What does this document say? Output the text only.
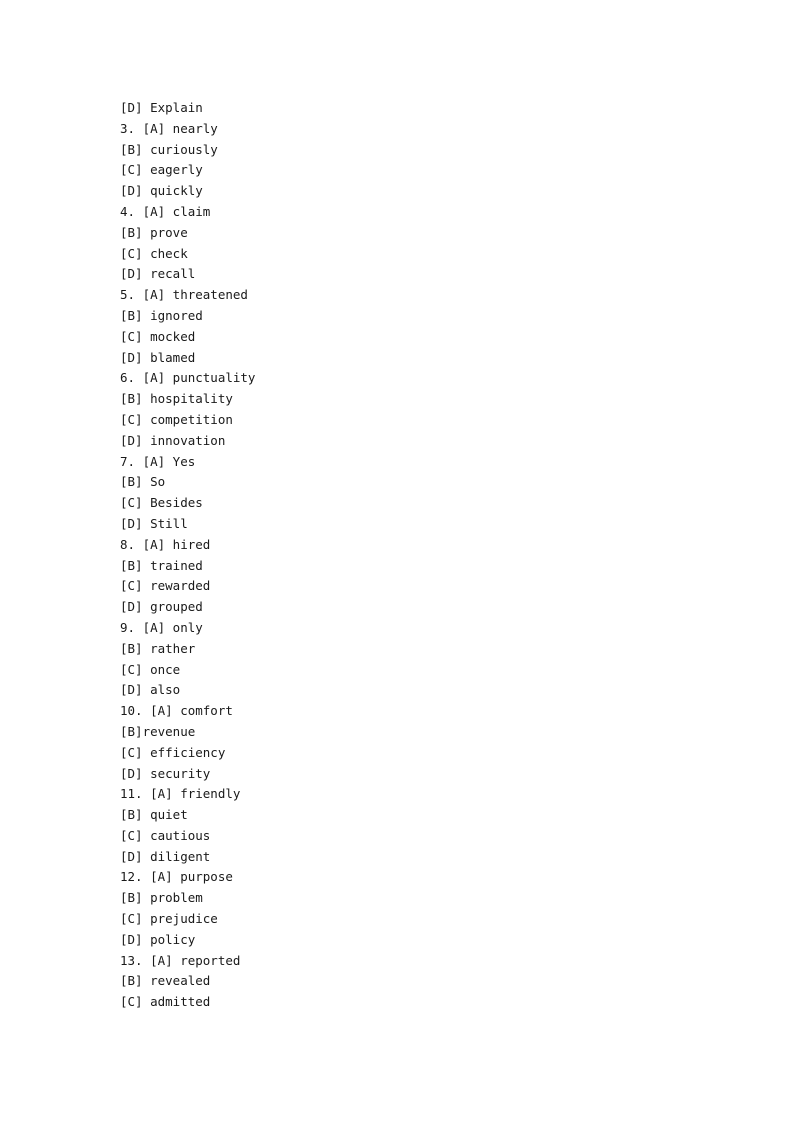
[D] Explain
3. [A] nearly
[B] curiously
[C] eagerly
[D] quickly
4. [A] claim
[B] prove
[C] check
[D] recall
5. [A] threatened
[B] ignored
[C] mocked
[D] blamed
6. [A] punctuality
[B] hospitality
[C] competition
[D] innovation
7. [A] Yes
[B] So
[C] Besides
[D] Still
8. [A] hired
[B] trained
[C] rewarded
[D] grouped
9. [A] only
[B] rather
[C] once
[D] also
10. [A] comfort
[B]revenue
[C] efficiency
[D] security
11. [A] friendly
[B] quiet
[C] cautious
[D] diligent
12. [A] purpose
[B] problem
[C] prejudice
[D] policy
13. [A] reported
[B] revealed
[C] admitted
